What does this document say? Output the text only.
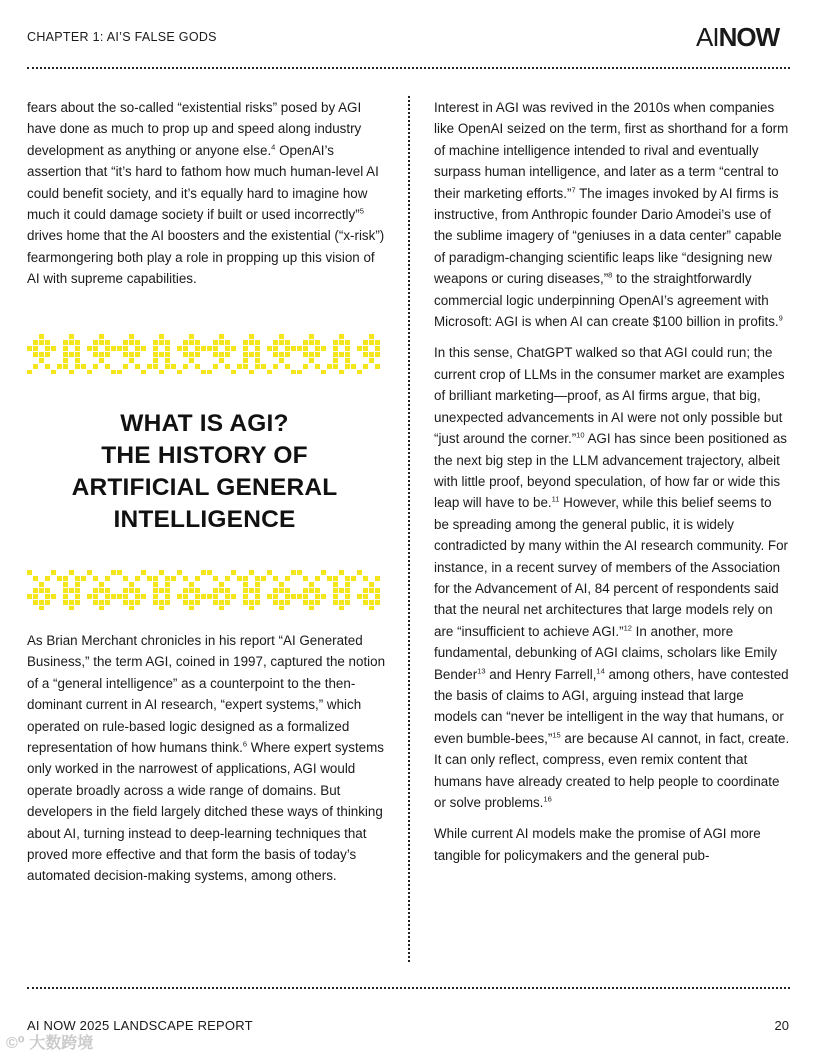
CHAPTER 1: AI’S FALSE GODS	AINOW

fears about the so-called “existential risks” posed by AGI have done as much to prop up and speed along industry development as anything or anyone else.$^4$ OpenAI’s assertion that “it’s hard to fathom how much human-level AI could benefit society, and it’s equally hard to imagine how much it could damage society if built or used incorrectly”$^5$ drives home that the AI boosters and the existential (“x-risk”) fearmongering both play a role in propping up this vision of AI with supreme capabilities.

WHAT IS AGI?
THE HISTORY OF
ARTIFICIAL GENERAL
INTELLIGENCE

As Brian Merchant chronicles in his report “AI Generated Business,” the term AGI, coined in 1997, captured the notion of a “general intelligence” as a counterpoint to the then-dominant current in AI research, “expert systems,” which operated on rule-based logic designed as a formalized representation of how humans think.$^6$ Where expert systems only worked in the narrowest of applications, AGI would operate broadly across a wide range of domains. But developers in the field largely ditched these ways of thinking about AI, turning instead to deep-learning techniques that proved more effective and that form the basis of today’s automated decision-making systems, among others.

Interest in AGI was revived in the 2010s when companies like OpenAI seized on the term, first as shorthand for a form of machine intelligence intended to rival and eventually surpass human intelligence, and later as a term “central to their marketing efforts.”$^7$ The images invoked by AI firms is instructive, from Anthropic founder Dario Amodei’s use of the sublime imagery of “geniuses in a data center” capable of paradigm-changing scientific leaps like “designing new weapons or curing diseases,”$^8$ to the straightforwardly commercial logic underpinning OpenAI’s agreement with Microsoft: AGI is when AI can create $100 billion in profits.$^9$

In this sense, ChatGPT walked so that AGI could run; the current crop of LLMs in the consumer market are examples of brilliant marketing—proof, as AI firms argue, that big, unexpected advancements in AI were not only possible but “just around the corner.”$^{10}$ AGI has since been positioned as the next big step in the LLM advancement trajectory, albeit with little proof, beyond speculation, of how far or wide this leap will have to be.$^{11}$ However, while this belief seems to be spreading among the general public, it is widely contradicted by many within the AI research community. For instance, in a recent survey of members of the Association for the Advancement of AI, 84 percent of respondents said that the neural net architectures that large models rely on are “insufficient to achieve AGI.”$^{12}$ In another, more fundamental, debunking of AGI claims, scholars like Emily Bender$^{13}$ and Henry Farrell,$^{14}$ among others, have contested the basis of claims to AGI, arguing instead that large models can “never be intelligent in the way that humans, or even bumble-bees,”$^{15}$ are because AI cannot, in fact, create. It can only reflect, compress, even remix content that humans have already created to help people to coordinate or solve problems.$^{16}$

While current AI models make the promise of AGI more tangible for policymakers and the general pub-

AI NOW 2025 LANDSCAPE REPORT	20
©⁰ 大数跨境
